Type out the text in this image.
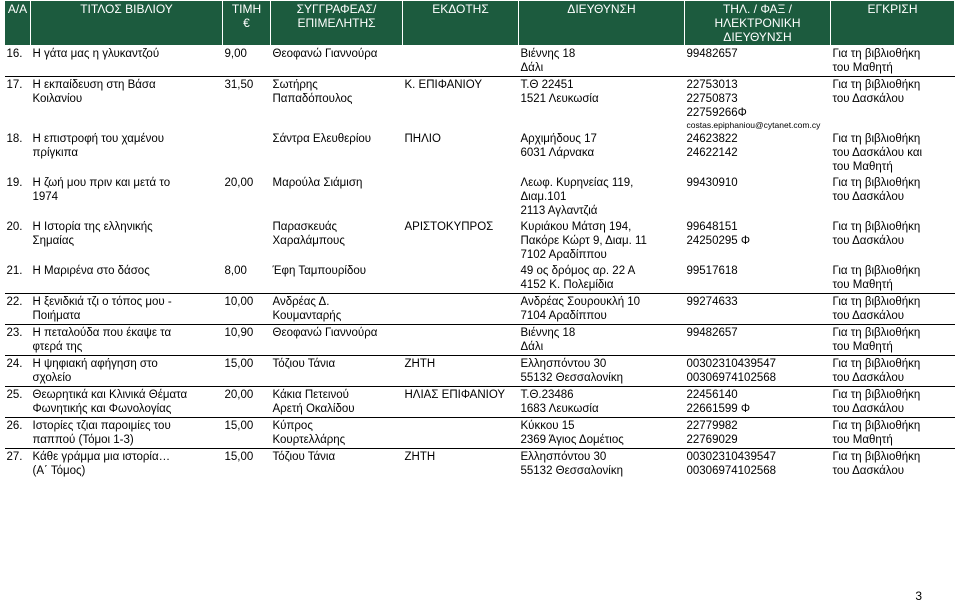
Α/Α	ΤΙΤΛΟΣ ΒΙΒΛΙΟΥ	ΤΙΜΗ
€	ΣΥΓΓΡΑΦΕΑΣ/
ΕΠΙΜΕΛΗΤΗΣ	ΕΚΔΟΤΗΣ	ΔΙΕΥΘΥΝΣΗ	ΤΗΛ. / ΦΑΞ /
ΗΛΕΚΤΡΟΝΙΚΗ
ΔΙΕΥΘΥΝΣΗ	ΕΓΚΡΙΣΗ
16.	Η γάτα μας η γλυκαντζού	9,00	Θεοφανώ Γιαννούρα		Βιέννης 18
Δάλι	99482657	Για τη βιβλιοθήκη
του Μαθητή
17.	Η εκπαίδευση στη Βάσα
Κοιλανίου	31,50	Σωτήρης
Παπαδόπουλος	Κ. ΕΠΙΦΑΝΙΟΥ	Τ.Θ 22451
1521 Λευκωσία	22753013
22750873
22759266Φ
costas.epiphaniou@cytanet.com.cy	Για τη βιβλιοθήκη
του Δασκάλου
18.	Η επιστροφή του χαμένου
πρίγκιπα		Σάντρα Ελευθερίου	ΠΗΛΙΟ	Αρχιμήδους 17
6031 Λάρνακα	24623822
24622142	Για τη βιβλιοθήκη
του Δασκάλου και
του Μαθητή
19.	Η ζωή μου πριν και μετά το
1974	20,00	Μαρούλα Σιάμιση		Λεωφ. Κυρηνείας 119,
Διαμ.101
2113 Αγλαντζιά	99430910	Για τη βιβλιοθήκη
του Δασκάλου
20.	Η Ιστορία της ελληνικής
Σημαίας		Παρασκευάς
Χαραλάμπους	ΑΡΙΣΤΟΚΥΠΡΟΣ	Κυριάκου Μάτση 194,
Πακόρε Κώρτ 9, Διαμ. 11
7102 Αραδίππου	99648151
24250295 Φ	Για τη βιβλιοθήκη
του Δασκάλου
21.	Η Μαριρένα στο δάσος	8,00	Έφη Ταμπουρίδου		49 ος δρόμος αρ. 22 Α
4152 Κ. Πολεμίδια	99517618	Για τη βιβλιοθήκη
του Μαθητή
22.	Η ξενιδκιά τζι ο τόπος μου -
Ποιήματα	10,00	Ανδρέας Δ.
Κουμανταρής		Ανδρέας Σουρουκλή 10
7104 Αραδίππου	99274633	Για τη βιβλιοθήκη
του Δασκάλου
23.	Η πεταλούδα που έκαψε τα
φτερά της	10,90	Θεοφανώ Γιαννούρα		Βιέννης 18
Δάλι	99482657	Για τη βιβλιοθήκη
του Μαθητή
24.	Η ψηφιακή αφήγηση στο
σχολείο	15,00	Τόζιου Τάνια	ΖΗΤΗ	Ελλησπόντου 30
55132 Θεσσαλονίκη	00302310439547
00306974102568	Για τη βιβλιοθήκη
του Δασκάλου
25.	Θεωρητικά και Κλινικά Θέματα
Φωνητικής και Φωνολογίας	20,00	Κάκια Πετεινού
Αρετή Οκαλίδου	ΗΛΙΑΣ ΕΠΙΦΑΝΙΟΥ	Τ.Θ.23486
1683 Λευκωσία	22456140
22661599 Φ	Για τη βιβλιοθήκη
του Δασκάλου
26.	Ιστορίες τζιαι παροιμίες του
παππού (Τόμοι 1-3)	15,00	Κύπρος
Κουρτελλάρης		Κύκκου 15
2369 Άγιος Δομέτιος	22779982
22769029	Για τη βιβλιοθήκη
του Μαθητή
27.	Κάθε γράμμα μια ιστορία…
(Α΄ Τόμος)	15,00	Τόζιου Τάνια	ΖΗΤΗ	Ελλησπόντου 30
55132 Θεσσαλονίκη	00302310439547
00306974102568	Για τη βιβλιοθήκη
του Δασκάλου
3
